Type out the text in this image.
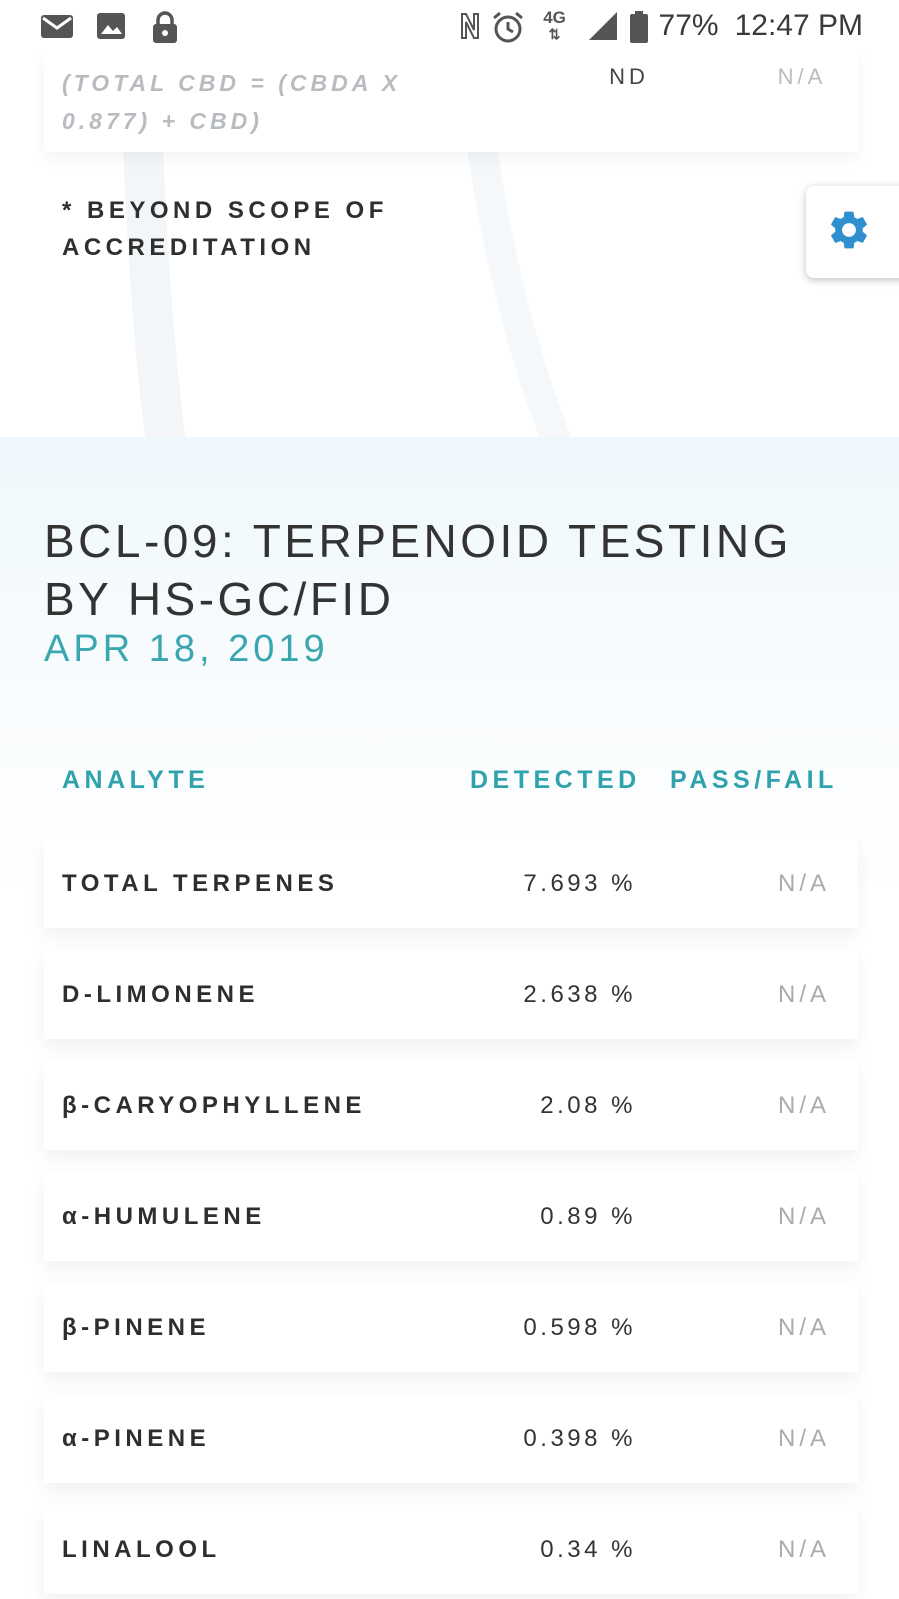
4G
⇅	77% 12:47 PM
(TOTAL CBD = (CBDA X 0.877) + CBD)
ND	N/A
* BEYOND SCOPE OF ACCREDITATION
BCL-09: TERPENOID TESTING BY HS-GC/FID
APR 18, 2019
ANALYTE	DETECTED PASS/FAIL
TOTAL TERPENES	7.693 %	N/A
D-LIMONENE	2.638 %	N/A
β-CARYOPHYLLENE	2.08 %	N/A
α-HUMULENE	0.89 %	N/A
β-PINENE	0.598 %	N/A
α-PINENE	0.398 %	N/A
LINALOOL	0.34 %	N/A
